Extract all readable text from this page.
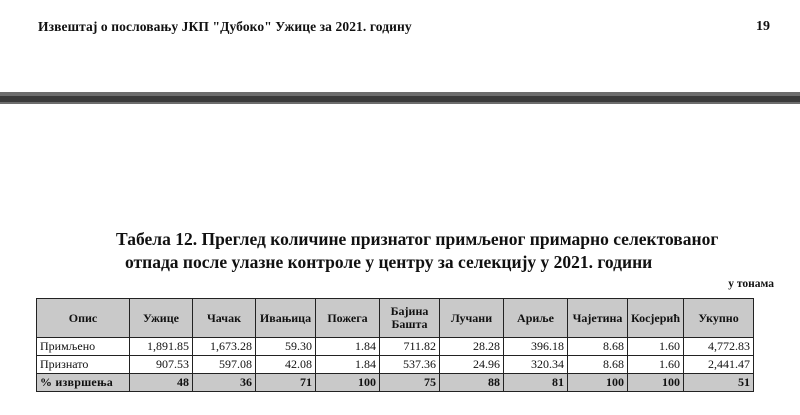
Извештај о пословању ЈКП "Дубоко" Ужице за 2021. годину	19
Табела 12. Преглед количине признатог примљеног примарно селектованог
отпада после улазне контроле у центру за селекцију у 2021. години
у тонама
Опис	Ужице	Чачак	Ивањица	Пожега	Бајина Башта	Лучани	Ариље	Чајетина	Косјерић	Укупно
Примљено	1,891.85	1,673.28	59.30	1.84	711.82	28.28	396.18	8.68	1.60	4,772.83
Признато	907.53	597.08	42.08	1.84	537.36	24.96	320.34	8.68	1.60	2,441.47
% извршења	48	36	71	100	75	88	81	100	100	51
